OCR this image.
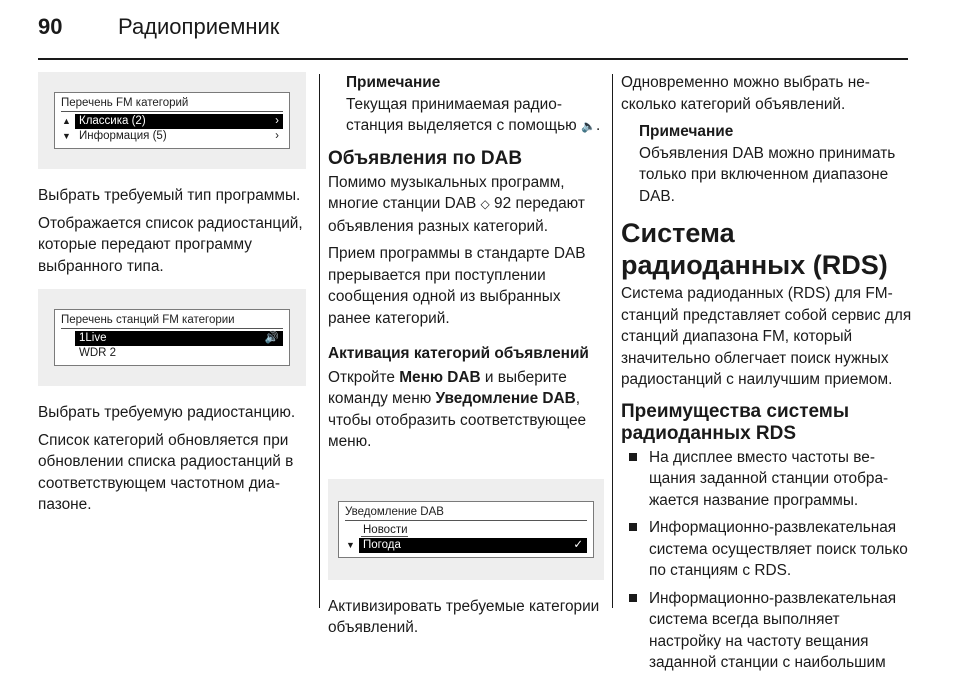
90	Радиоприемник
Перечень FM категорий
▲ Классика (2)	›
▼ Информация (5)	›

Выбрать требуемый тип программы.

Отображается список радиостанций, которые передают программу выбранного типа.

Перечень станций FM категории
1Live	🔊
WDR 2

Выбрать требуемую радиостанцию.

Список категорий обновляется при обновлении списка радиостанций в соответствующем частотном диапазоне.

Примечание
Текущая принимаемая радиостанция выделяется с помощью 🔈.
Объявления по DAB

Помимо музыкальных программ, многие станции DAB ◇ 92 передают объявления разных категорий.

Прием программы в стандарте DAB прерывается при поступлении сообщения одной из выбранных ранее категорий.

Активация категорий объявлений

Откройте Меню DAB и выберите команду меню Уведомление DAB, чтобы отобразить соответствующее меню.

Уведомление DAB
Новости
▼ Погода	✓

Активизировать требуемые категории объявлений.

Одновременно можно выбрать несколько категорий объявлений.

Примечание
Объявления DAB можно принимать только при включенном диапазоне DAB.
Система радиоданных (RDS)

Система радиоданных (RDS) для FM-станций представляет собой сервис для станций диапазона FM, который значительно облегчает поиск нужных радиостанций с наилучшим приемом.

Преимущества системы радиоданных RDS
На дисплее вместо частоты вещания заданной станции отображается название программы.
Информационно-развлекательная система осуществляет поиск только по станциям с RDS.
Информационно-развлекательная система всегда выполняет настройку на частоту вещания заданной станции с наибольшим
